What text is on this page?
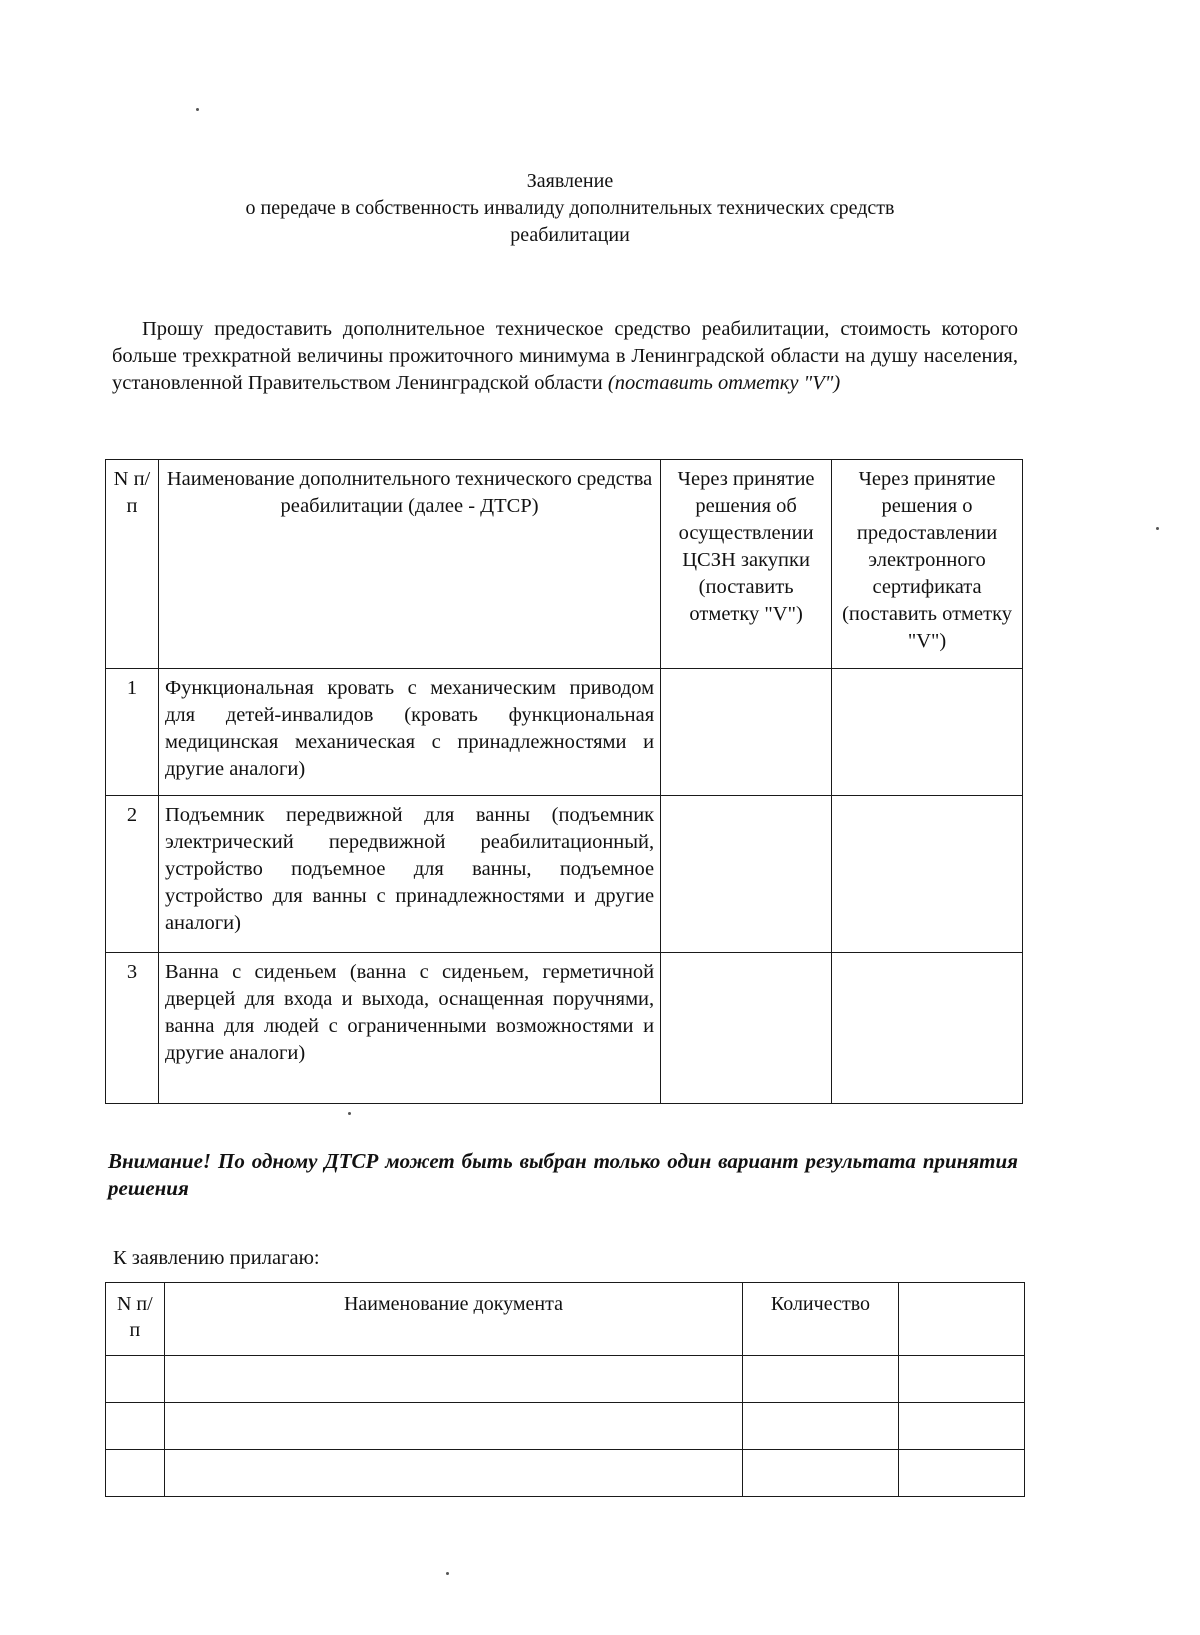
Заявление
о передаче в собственность инвалиду дополнительных технических средств
реабилитации
Прошу предоставить дополнительное техническое средство реабилитации, стоимость которого больше трехкратной величины прожиточного минимума в Ленинградской области на душу населения, установленной Правительством Ленинградской области (поставить отметку "V")
N п/п	Наименование дополнительного технического средства реабилитации (далее - ДТСР)	Через принятие решения об осуществлении ЦСЗН закупки (поставить отметку "V")	Через принятие решения о предоставлении электронного сертификата (поставить отметку "V")
1	Функциональная кровать с механическим приводом для детей-инвалидов (кровать функциональная медицинская механическая с принадлежностями и другие аналоги)		
2	Подъемник передвижной для ванны (подъемник электрический передвижной реабилитационный, устройство подъемное для ванны, подъемное устройство для ванны с принадлежностями и другие аналоги)		
3	Ванна с сиденьем (ванна с сиденьем, герметичной дверцей для входа и выхода, оснащенная поручнями, ванна для людей с ограниченными возможностями и другие аналоги)		
Внимание! По одному ДТСР может быть выбран только один вариант результата принятия решения
К заявлению прилагаю:
N п/п	Наименование документа	Количество	
